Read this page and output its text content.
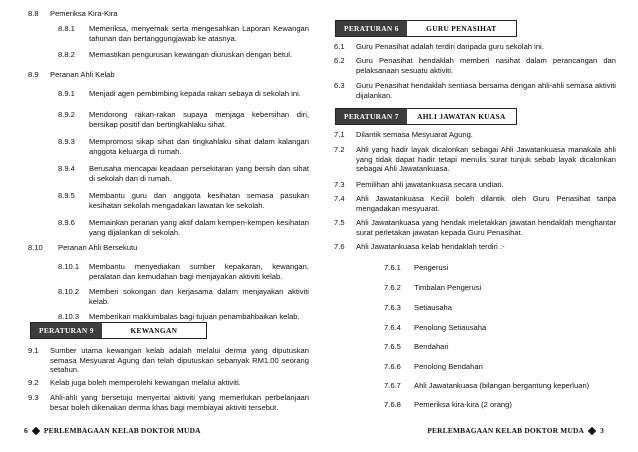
8.8	Pemeriksa Kira-Kira
8.8.1	Memeriksa, menyemak serta mengesahkan Laporan Kewangan tahunan dan bertanggungjawab ke atasnya.
8.8.2	Memastikan pengurusan kewangan diuruskan dengan betul.
8.9	Peranan Ahli Kelab
8.9.1	Menjadi agen pembimbing kepada rakan sebaya di sekolah ini.
8.9.2	Mendorong rakan-rakan supaya menjaga kebersihan diri, bersikap positif dan bertingkahlaku sihat.
8.9.3	Mempromosi sikap sihat dan tingkahlaku sihat dalam kalangan anggota keluarga di rumah.
8.9.4	Berusaha mencapai keadaan persekitaran yang bersih dan sihat di sekolah dan di rumah.
8.9.5	Membantu guru dan anggota kesihatan semasa pasukan kesihatan sekolah mengadakan lawatan ke sekolah.
8.9.6	Memainkan peranan yang aktif dalam kempen-kempen kesihatan yang dijalankan di sekolah.
8.10	Peranan Ahli Bersekutu
8.10.1	Membantu menyediakan sumber kepakaran, kewangan, peralatan dan kemudahan bagi menjayakan aktiviti kelab.
8.10.2	Memberi sokongan dan kerjasama dalam menjayakan aktiviti kelab.
8.10.3	Memberikan maklumbalas bagi tujuan penambahbaikan kelab.
PERATURAN 9	KEWANGAN
9.1	Sumber utama kewangan kelab adalah melalui derma yang diputuskan semasa Mesyuarat Agung dan telah diputuskan sebanyak RM1.00 seorang setahun.
9.2	Kelab juga boleh memperolehi kewangan melalui aktiviti.
9.3	Ahli-ahli yang bersetuju menyertai aktiviti yang memerlukan perbelanjaan besar boleh dikenakan derma khas bagi membiayai aktiviti tersebut.
6 PERLEMBAGAAN KELAB DOKTOR MUDA
PERATURAN 6	GURU PENASIHAT
6.1	Guru Penasihat adalah terdiri daripada guru sekolah ini.
6.2	Guru Penasihat hendaklah memberi nasihat dalam perancangan dan pelaksanaan sesuatu aktiviti.
6.3	Guru Penasihat hendaklah sentiasa bersama dengan ahli-ahli semasa aktiviti dijalankan.
PERATURAN 7	AHLI JAWATAN KUASA
7.1	Dilantik semasa Mesyuarat Agung.
7.2	Ahli yang hadir layak dicalonkan sebagai Ahli Jawatankuasa manakala ahli yang tidak dapat hadir tetapi menulis surat tunjuk sebab layak dicalonkan sebagai Ahli Jawatankuasa.
7.3	Pemilihan ahli jawatankuasa secara undian.
7.4	Ahli Jawatankuasa Keciil boleh dilantik oleh Guru Penasihat tanpa mengadakan mesyuarat.
7.5	Ahli Jawatankuasa yang hendak meletakkan jawatan hendaklah menghantar surat perletakan jawatan kepada Guru Penasihat.
7.6	Ahli Jawatankuasa kelab hendaklah terdiri :-
7.6.1	Pengerusi
7.6.2	Timbalan Pengerusi
7.6.3	Setiausaha
7.6.4	Penolong Setiausaha
7.6.5	Bendahari
7.6.6	Penolong Bendahari
7.6.7	Ahli Jawatankuasa (bilangan bergantung keperluan)
7.6.8	Pemeriksa kira-kira (2 orang)
PERLEMBAGAAN KELAB DOKTOR MUDA 3
